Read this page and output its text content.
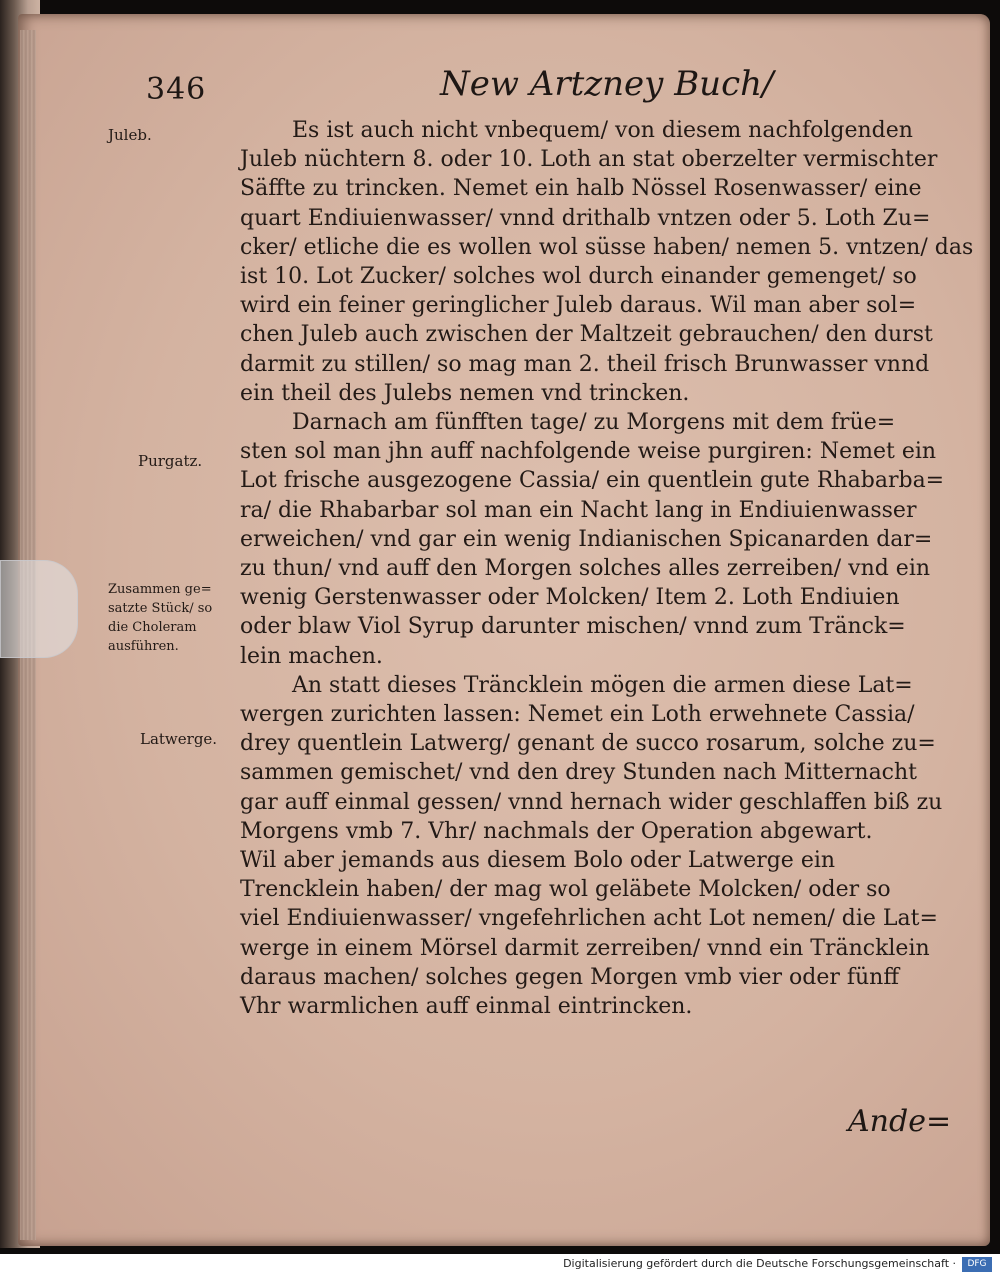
346	New Artzney Buch/
Juleb.
Purgatz.
Zusammen ge=
satzte Stück/ so
die Choleram
ausführen.
Latwerge.
Es ist auch nicht vnbequem/ von diesem nachfolgenden
Juleb nüchtern 8. oder 10. Loth an stat oberzelter vermischter
Säffte zu trincken. Nemet ein halb Nössel Rosenwasser/ eine
quart Endiuienwasser/ vnnd drithalb vntzen oder 5. Loth Zu=
cker/ etliche die es wollen wol süsse haben/ nemen 5. vntzen/ das
ist 10. Lot Zucker/ solches wol durch einander gemenget/ so
wird ein feiner geringlicher Juleb daraus. Wil man aber sol=
chen Juleb auch zwischen der Maltzeit gebrauchen/ den durst
darmit zu stillen/ so mag man 2. theil frisch Brunwasser vnnd
ein theil des Julebs nemen vnd trincken.
Darnach am fünfften tage/ zu Morgens mit dem früe=
sten sol man jhn auff nachfolgende weise purgiren: Nemet ein
Lot frische ausgezogene Cassia/ ein quentlein gute Rhabarba=
ra/ die Rhabarbar sol man ein Nacht lang in Endiuienwasser
erweichen/ vnd gar ein wenig Indianischen Spicanarden dar=
zu thun/ vnd auff den Morgen solches alles zerreiben/ vnd ein
wenig Gerstenwasser oder Molcken/ Item 2. Loth Endiuien
oder blaw Viol Syrup darunter mischen/ vnnd zum Tränck=
lein machen.
An statt dieses Träncklein mögen die armen diese Lat=
wergen zurichten lassen: Nemet ein Loth erwehnete Cassia/
drey quentlein Latwerg/ genant de succo rosarum, solche zu=
sammen gemischet/ vnd den drey Stunden nach Mitternacht
gar auff einmal gessen/ vnnd hernach wider geschlaffen biß zu
Morgens vmb 7. Vhr/ nachmals der Operation abgewart.
Wil aber jemands aus diesem Bolo oder Latwerge ein
Trencklein haben/ der mag wol geläbete Molcken/ oder so
viel Endiuienwasser/ vngefehrlichen acht Lot nemen/ die Lat=
werge in einem Mörsel darmit zerreiben/ vnnd ein Träncklein
daraus machen/ solches gegen Morgen vmb vier oder fünff
Vhr warmlichen auff einmal eintrincken.
Ande=
Digitalisierung gefördert durch die Deutsche Forschungsgemeinschaft ·	DFG
